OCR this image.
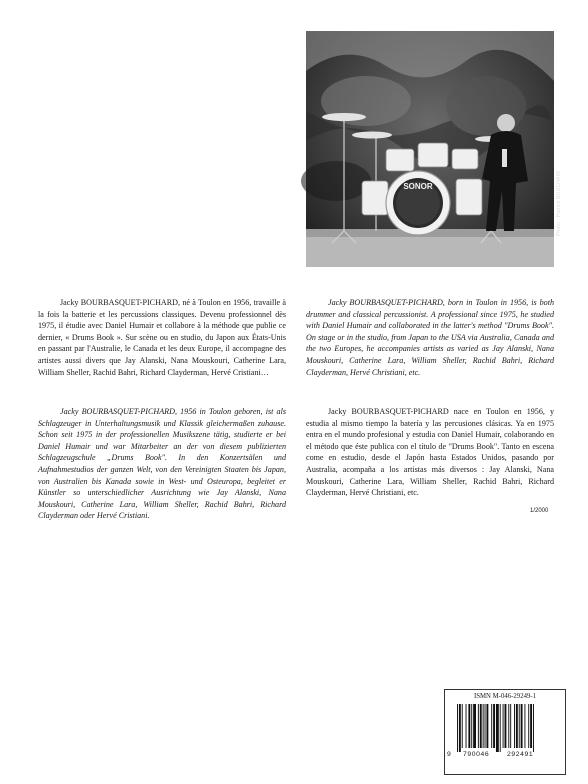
SONOR	Photo : Patrick BOUCHAIN

Jacky BOURBASQUET-PICHARD, né à Toulon en 1956, travaille à la fois la batterie et les percussions classiques. Devenu professionnel dès 1975, il étudie avec Daniel Humair et collabore à la méthode que publie ce dernier, « Drums Book ». Sur scène ou en studio, du Japon aux États-Unis en passant par l'Australie, le Canada et les deux Europe, il accompagne des artistes aussi divers que Jay Alanski, Nana Mouskouri, Catherine Lara, William Sheller, Rachid Bahri, Richard Clayderman, Hervé Cristiani…

Jacky BOURBASQUET-PICHARD, 1956 in Toulon geboren, ist als Schlagzeuger in Unterhaltungsmusik und Klassik gleichermaßen zuhause. Schon seit 1975 in der professionellen Musikszene tätig, studierte er bei Daniel Humair und war Mitarbeiter an der von diesem publizierten Schlagzeugschule „Drums Book". In den Konzertsälen und Aufnahmestudios der ganzen Welt, von den Vereinigten Staaten bis Japan, von Australien bis Kanada sowie in West- und Osteuropa, begleitet er Künstler so unterschiedlicher Ausrichtung wie Jay Alanski, Nana Mouskouri, Catherine Lara, William Sheller, Rachid Bahri, Richard Clayderman oder Hervé Cristiani.

Jacky BOURBASQUET-PICHARD, born in Toulon in 1956, is both drummer and classical percussionist. A professional since 1975, he studied with Daniel Humair and collaborated in the latter's method "Drums Book". On stage or in the studio, from Japan to the USA via Australia, Canada and the two Europes, he accompanies artists as varied as Jay Alanski, Nana Mouskouri, Catherine Lara, William Sheller, Rachid Bahri, Richard Clayderman, Hervé Christiani, etc.

Jacky BOURBASQUET-PICHARD nace en Toulon en 1956, y estudia al mismo tiempo la batería y las percusiones clásicas. Ya en 1975 entra en el mundo profesional y estudia con Daniel Humair, colaborando en el método que éste publica con el título de "Drums Book". Tanto en escena come en estudio, desde el Japón hasta Estados Unidos, pasando por Australia, acompaña a los artistas más diversos : Jay Alanski, Nana Mouskouri, Catherine Lara, William Sheller, Rachid Bahri, Richard Clayderman, Hervé Christiani, etc.

1/2000
ISMN M-046-29249-1
9 790046	292491
